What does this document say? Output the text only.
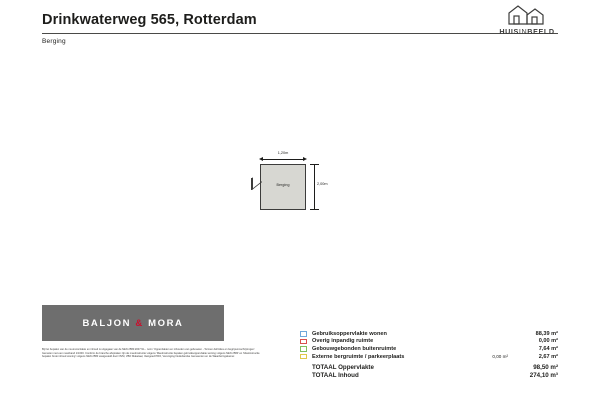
Drinkwaterweg 565, Rotterdam
Berging
HUISINBEELD
1,20m
Berging	2,00m
BALJON & MORA
Bij het bepalen van de muurvoorvlakte en inhoud is uitgegaan van de NEN 2580:2007 NL - norm 'Oppervlakten en inhouden van gebouwen - Termen definities en begripsomschrijvingen'. Gemeten met een meetband 1/1000. Conform de branche afspraken zijn de meetinstructie volgens 'Meetinstructie bepalen gebruiksoppervlakte woning volgens NEN 2580' en 'Meetinstructie bepalen bruto inhoud woning' volgens NEN 2580 vastgesteld door NVM, VBO Makelaar, Vastgoed PRO, Vereniging Nederlandse Gemeenten en de Waarderingskamer.
Gebruiksoppervlakte wonen	88,39 m²
Overig inpandig ruimte	0,00 m²
Gebouwgebonden buitenruimte	7,64 m²
Externe bergruimte / parkeerplaats	0,00 m²	2,67 m²
TOTAAL Oppervlakte	98,50 m²
TOTAAL Inhoud	274,10 m³
